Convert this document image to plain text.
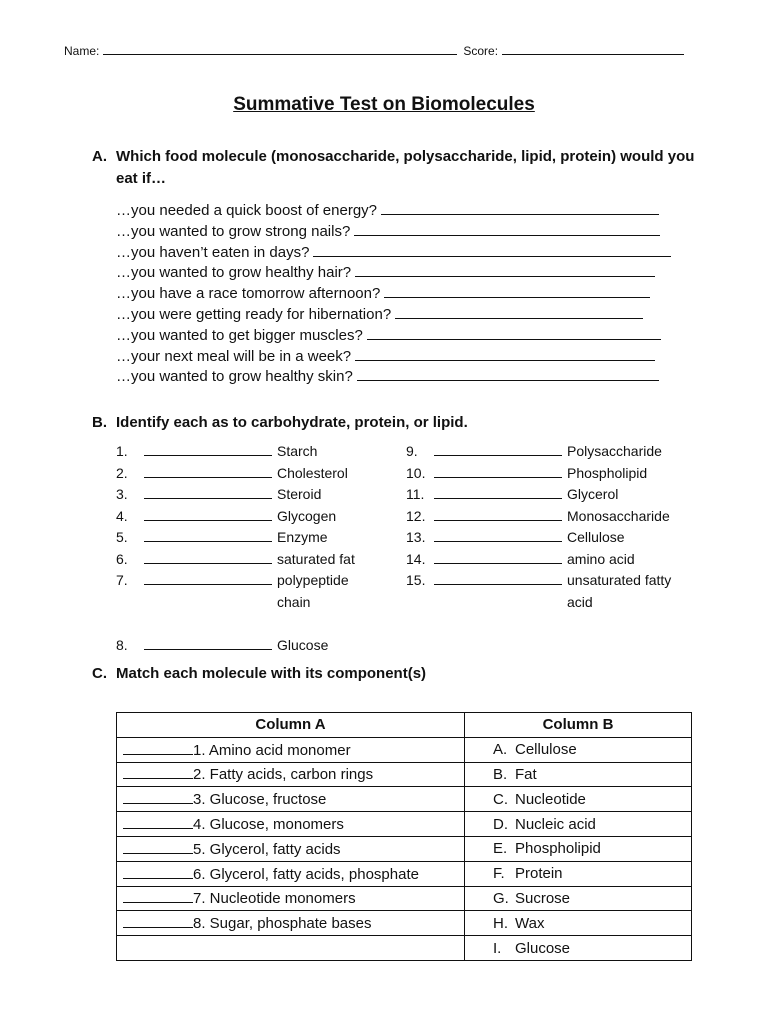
Name:	Score:
Summative Test on Biomolecules
A. Which food molecule (monosaccharide, polysaccharide, lipid, protein) would you eat if…
…you needed a quick boost of energy?
…you wanted to grow strong nails?
…you haven’t eaten in days?
…you wanted to grow healthy hair?
…you have a race tomorrow afternoon?
…you were getting ready for hibernation?
…you wanted to get bigger muscles?
…your next meal will be in a week?
…you wanted to grow healthy skin?
B. Identify each as to carbohydrate, protein, or lipid.
1.	Starch
2.	Cholesterol
3.	Steroid
4.	Glycogen
5.	Enzyme
6.	saturated fat
7.	polypeptide chain
8.	Glucose
9.	Polysaccharide
10.	Phospholipid
11.	Glycerol
12.	Monosaccharide
13.	Cellulose
14.	amino acid
15.	unsaturated fatty acid
C. Match each molecule with its component(s)
Column A	Column B
1. Amino acid monomer	A. Cellulose
2. Fatty acids, carbon rings	B. Fat
3. Glucose, fructose	C. Nucleotide
4. Glucose, monomers	D. Nucleic acid
5. Glycerol, fatty acids	E. Phospholipid
6. Glycerol, fatty acids, phosphate	F. Protein
7. Nucleotide monomers	G. Sucrose
8. Sugar, phosphate bases	H. Wax
	I. Glucose
